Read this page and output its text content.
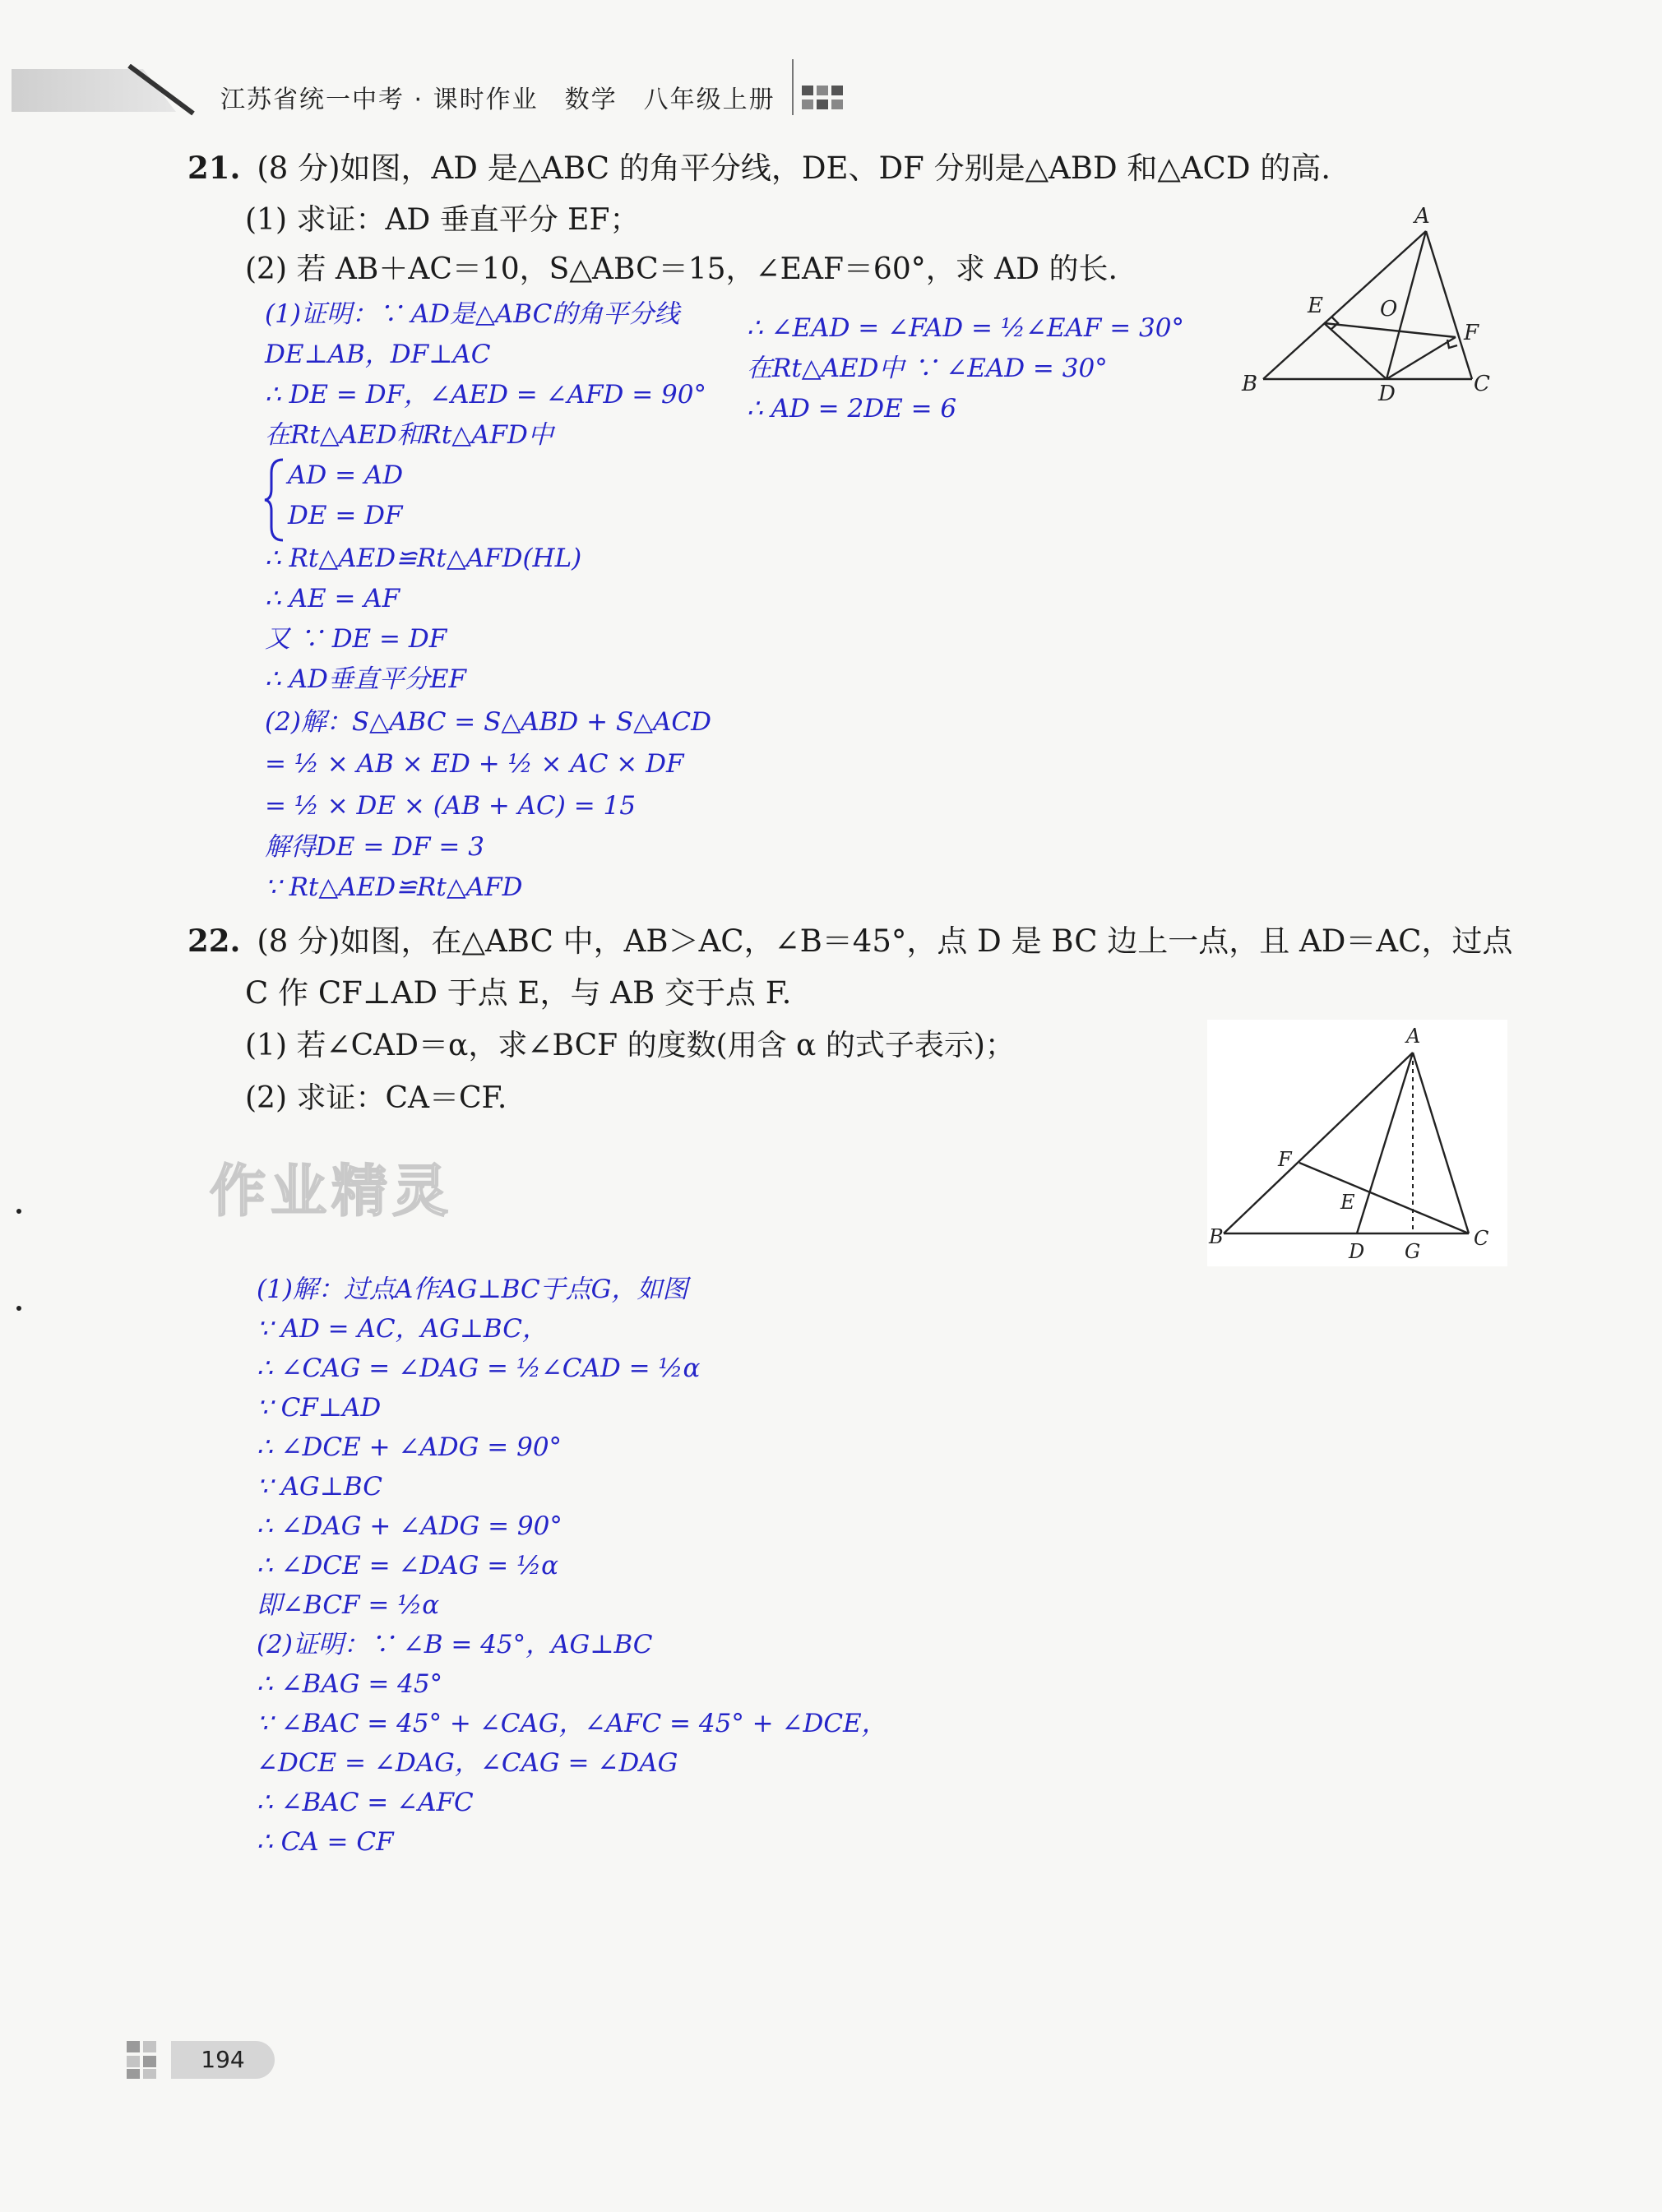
江苏省统一中考 · 课时作业　数学　八年级上册
21. (8 分)如图，AD 是△ABC 的角平分线，DE、DF 分别是△ABD 和△ACD 的高.
(1) 求证：AD 垂直平分 EF；
(2) 若 AB＋AC＝10，S△ABC＝15，∠EAF＝60°，求 AD 的长.
(1)证明：∵ AD是△ABC的角平分线
DE⊥AB，DF⊥AC
∴ DE = DF，∠AED = ∠AFD = 90°
在Rt△AED和Rt△AFD中
AD = AD
DE = DF
∴ Rt△AED≌Rt△AFD(HL)
∴ AE = AF
又 ∵ DE = DF
∴ AD垂直平分EF
(2)解：S△ABC = S△ABD + S△ACD
= ½ × AB × ED + ½ × AC × DF
= ½ × DE × (AB + AC) = 15
解得DE = DF = 3
∵ Rt△AED≌Rt△AFD
∴ ∠EAD = ∠FAD = ½∠EAF = 30°
在Rt△AED中 ∵ ∠EAD = 30°
∴ AD = 2DE = 6
A
E	O
F
B	D	C
22. (8 分)如图，在△ABC 中，AB＞AC，∠B＝45°，点 D 是 BC 边上一点，且 AD＝AC，过点
C 作 CF⊥AD 于点 E，与 AB 交于点 F.
(1) 若∠CAD＝α，求∠BCF 的度数(用含 α 的式子表示)；
(2) 求证：CA＝CF.
A
F
E
B
D G
C
作业精灵
(1)解：过点A作AG⊥BC于点G，如图
∵ AD = AC，AG⊥BC，
∴ ∠CAG = ∠DAG = ½∠CAD = ½α
∵ CF⊥AD
∴ ∠DCE + ∠ADG = 90°
∵ AG⊥BC
∴ ∠DAG + ∠ADG = 90°
∴ ∠DCE = ∠DAG = ½α
即∠BCF = ½α
(2)证明：∵ ∠B = 45°，AG⊥BC
∴ ∠BAG = 45°
∵ ∠BAC = 45° + ∠CAG，∠AFC = 45° + ∠DCE，
∠DCE = ∠DAG，∠CAG = ∠DAG
∴ ∠BAC = ∠AFC
∴ CA = CF
194
